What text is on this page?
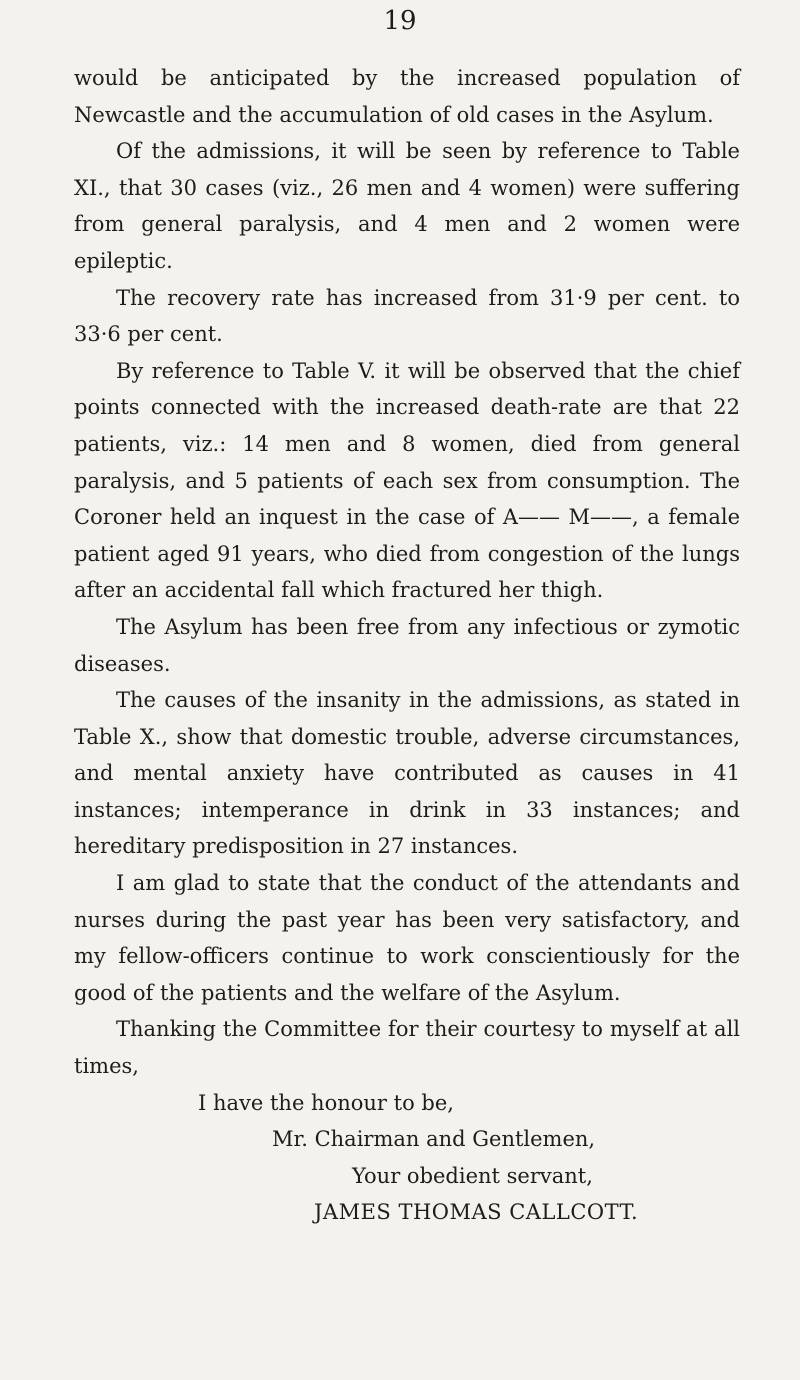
19

would be anticipated by the increased population of Newcastle and the accumulation of old cases in the Asylum.

Of the admissions, it will be seen by reference to Table XI., that 30 cases (viz., 26 men and 4 women) were suffering from general paralysis, and 4 men and 2 women were epileptic.

The recovery rate has increased from 31·9 per cent. to 33·6 per cent.

By reference to Table V. it will be observed that the chief points connected with the increased death-rate are that 22 patients, viz.: 14 men and 8 women, died from general paralysis, and 5 patients of each sex from consumption. The Coroner held an inquest in the case of A—— M——, a female patient aged 91 years, who died from congestion of the lungs after an accidental fall which fractured her thigh.

The Asylum has been free from any infectious or zymotic diseases.

The causes of the insanity in the admissions, as stated in Table X., show that domestic trouble, adverse circumstances, and mental anxiety have contributed as causes in 41 instances; intemperance in drink in 33 instances; and hereditary predisposition in 27 instances.

I am glad to state that the conduct of the attendants and nurses during the past year has been very satisfactory, and my fellow-officers continue to work conscientiously for the good of the patients and the welfare of the Asylum.

Thanking the Committee for their courtesy to myself at all times,

I have the honour to be,

Mr. Chairman and Gentlemen,

Your obedient servant,

JAMES THOMAS CALLCOTT.
